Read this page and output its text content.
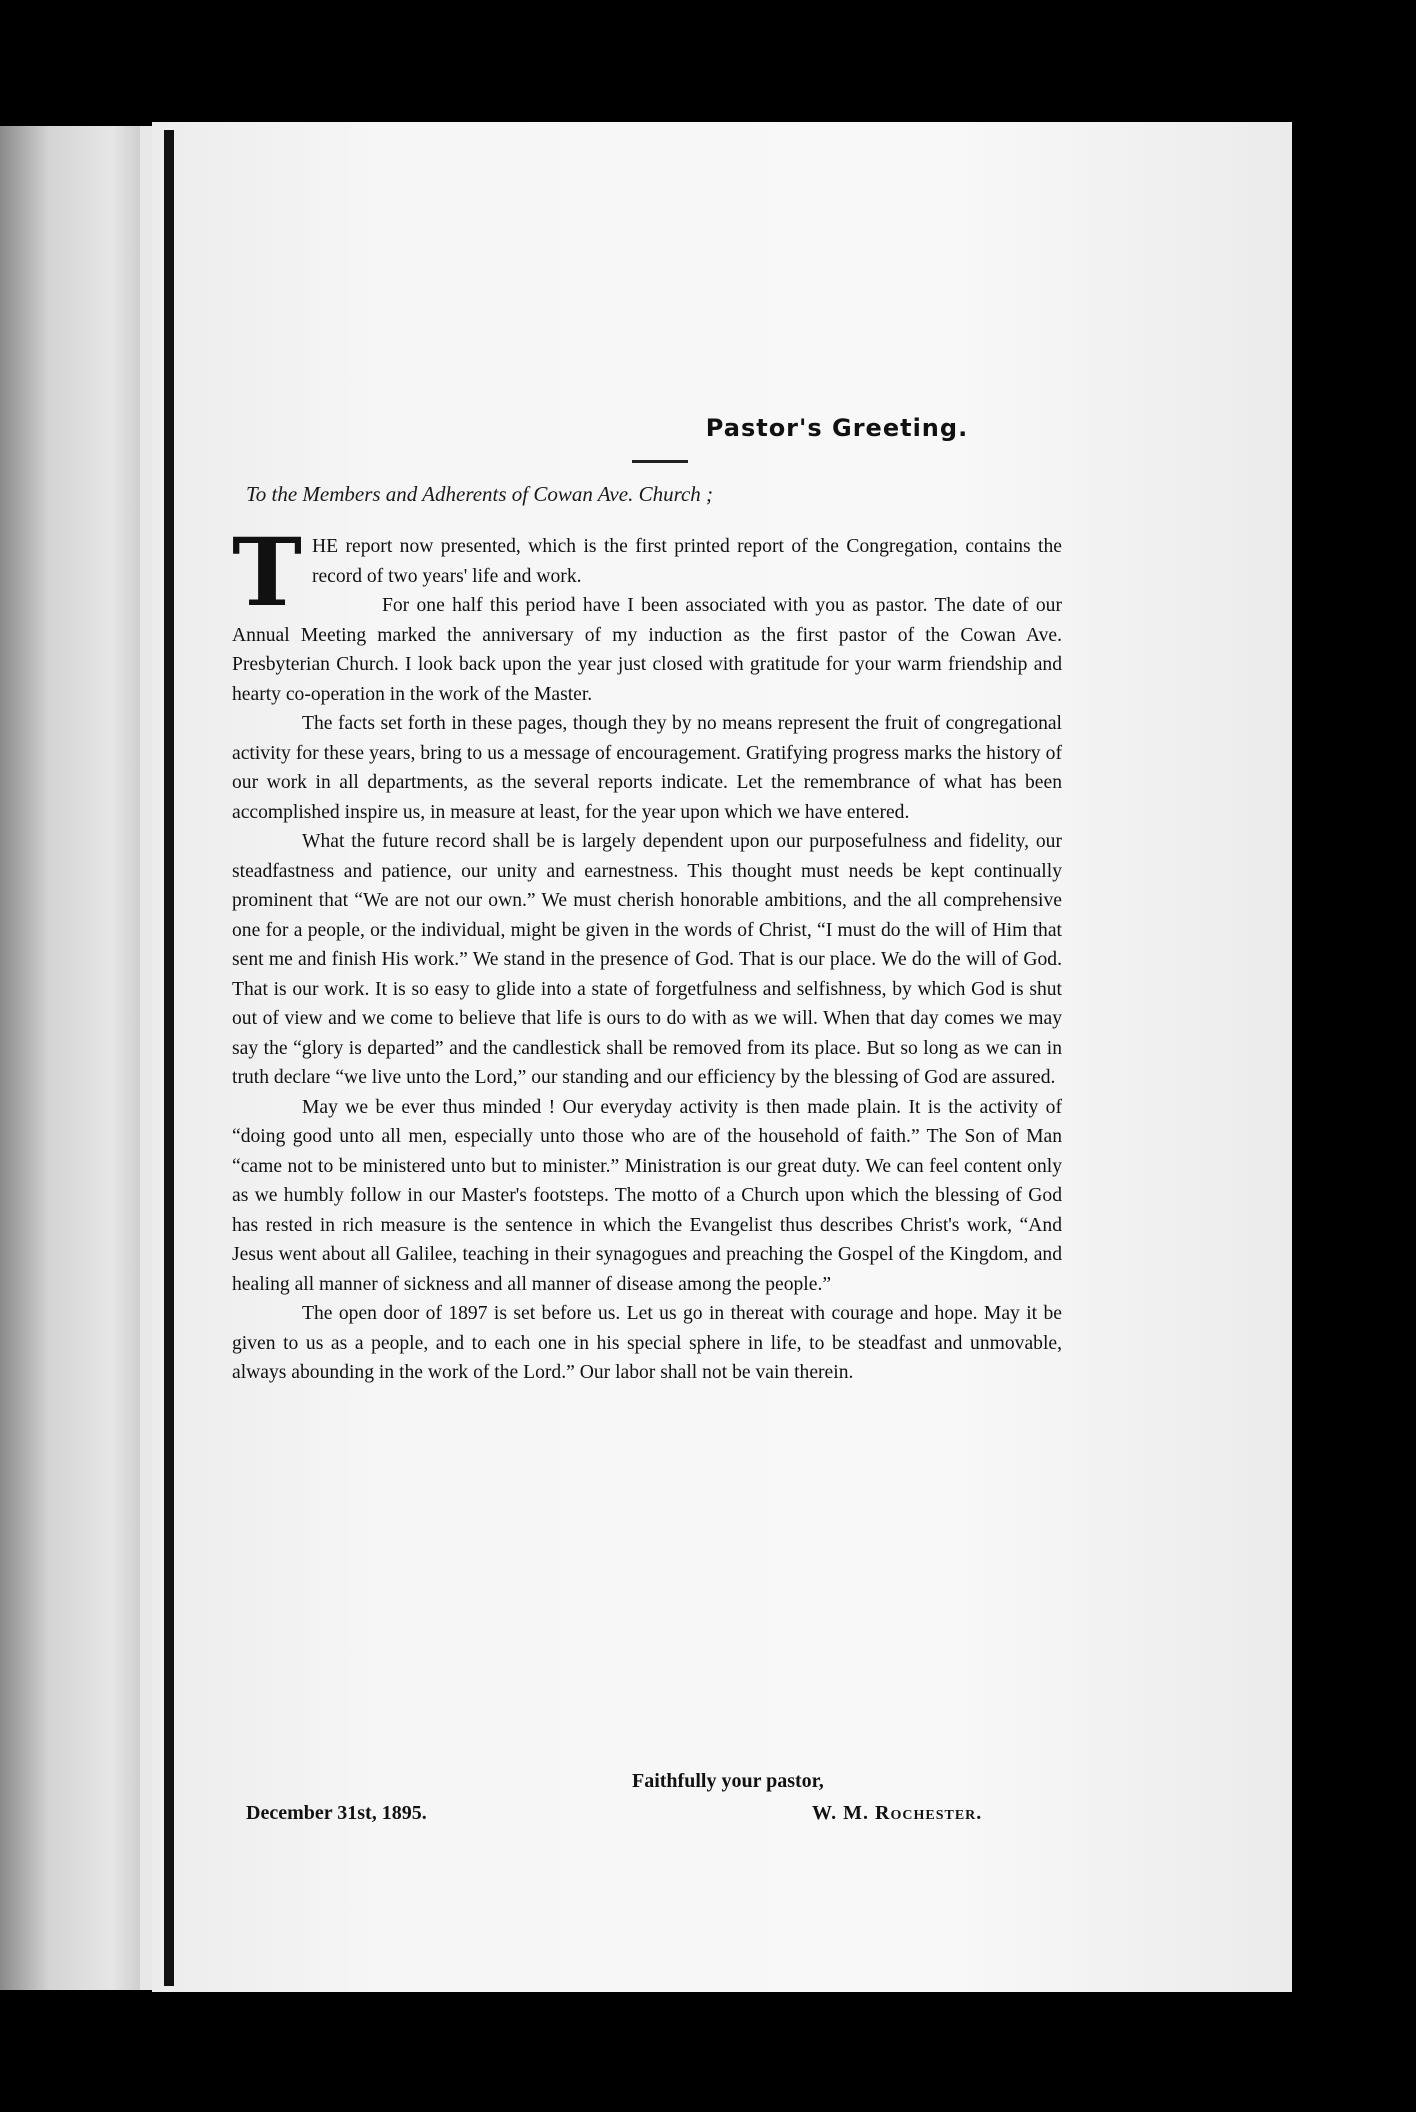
Pastor's Greeting.
To the Members and Adherents of Cowan Ave. Church ;

THE report now presented, which is the first printed report of the Congregation, contains the record of two years' life and work.

For one half this period have I been associated with you as pastor. The date of our Annual Meeting marked the anniversary of my induction as the first pastor of the Cowan Ave. Presbyterian Church. I look back upon the year just closed with gratitude for your warm friendship and hearty co-operation in the work of the Master.

The facts set forth in these pages, though they by no means represent the fruit of congregational activity for these years, bring to us a message of encouragement. Gratifying progress marks the history of our work in all departments, as the several reports indicate. Let the remembrance of what has been accomplished inspire us, in measure at least, for the year upon which we have entered.

What the future record shall be is largely dependent upon our purposefulness and fidelity, our steadfastness and patience, our unity and earnestness. This thought must needs be kept continually prominent that “We are not our own.” We must cherish honorable ambitions, and the all comprehensive one for a people, or the individual, might be given in the words of Christ, “I must do the will of Him that sent me and finish His work.” We stand in the presence of God. That is our place. We do the will of God. That is our work. It is so easy to glide into a state of forgetfulness and selfishness, by which God is shut out of view and we come to believe that life is ours to do with as we will. When that day comes we may say the “glory is departed” and the candlestick shall be removed from its place. But so long as we can in truth declare “we live unto the Lord,” our standing and our efficiency by the blessing of God are assured.

May we be ever thus minded ! Our everyday activity is then made plain. It is the activity of “doing good unto all men, especially unto those who are of the household of faith.” The Son of Man “came not to be ministered unto but to minister.” Ministration is our great duty. We can feel content only as we humbly follow in our Master's footsteps. The motto of a Church upon which the blessing of God has rested in rich measure is the sentence in which the Evangelist thus describes Christ's work, “And Jesus went about all Galilee, teaching in their synagogues and preaching the Gospel of the Kingdom, and healing all manner of sickness and all manner of disease among the people.”

The open door of 1897 is set before us. Let us go in thereat with courage and hope. May it be given to us as a people, and to each one in his special sphere in life, to be steadfast and unmovable, always abounding in the work of the Lord.” Our labor shall not be vain therein.

Faithfully your pastor,
December 31st, 1895.	W. M. Rochester.
